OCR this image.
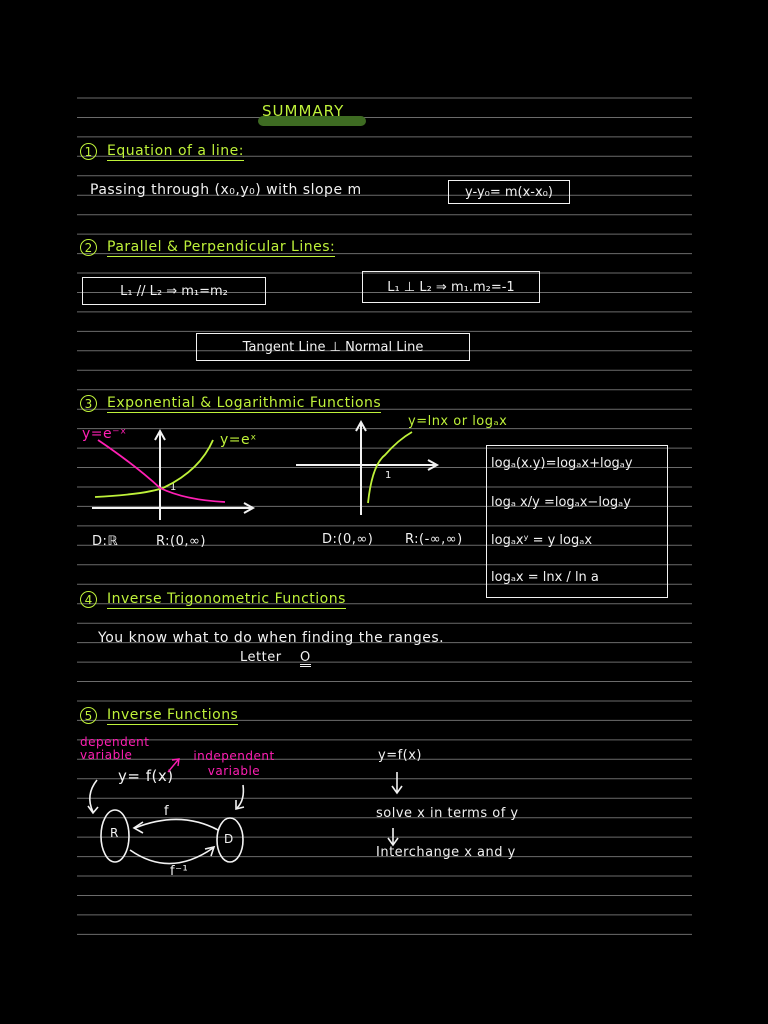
SUMMARY
1	Equation of a line:
Passing through (x₀,y₀) with slope m	y-y₀= m(x-x₀)
2	Parallel & Perpendicular Lines:
L₁ // L₂ ⇒ m₁=m₂	L₁ ⊥ L₂ ⇒ m₁.m₂=-1
Tangent Line ⊥ Normal Line
3	Exponential & Logarithmic Functions
y=e⁻ˣ	y=eˣ
1
y=lnx or logₐx
1
D:ℝ	R:(0,∞)	D:(0,∞) R:(-∞,∞)
logₐ(x.y)=logₐx+logₐy
logₐ x/y =logₐx−logₐy
logₐxʸ = y logₐx
logₐx = lnx / ln a
4	Inverse Trigonometric Functions
You know what to do when finding the ranges.
Letter O
5	Inverse Functions
dependent variable	independent variable
y= f(x)
f
f⁻¹
R	D
y=f(x)
solve x in terms of y
Interchange x and y
